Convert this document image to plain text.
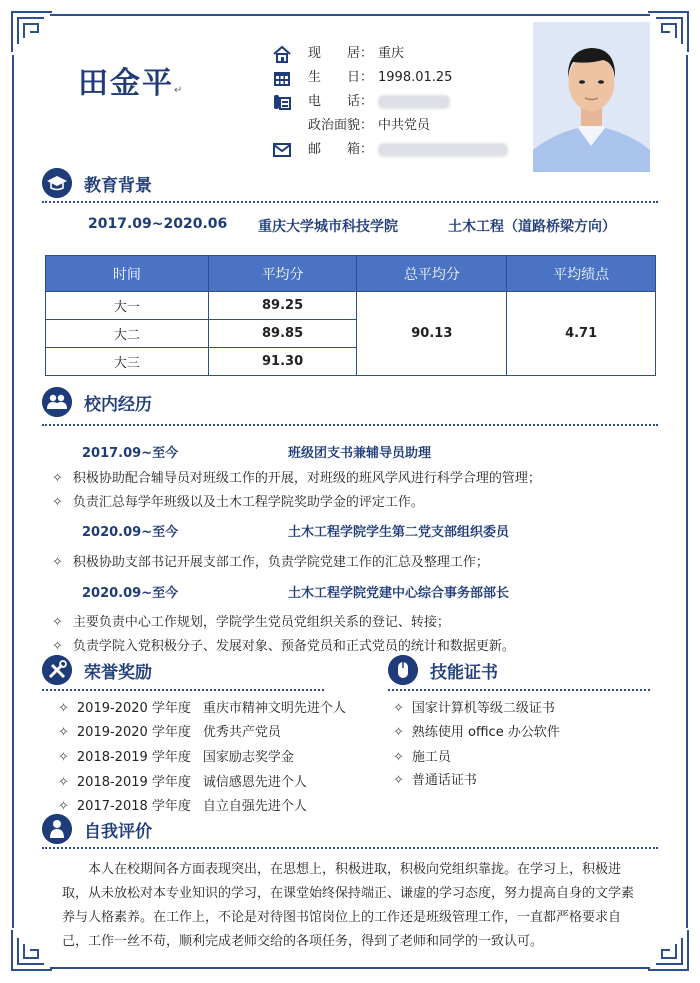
田金平↵
现　　居： 重庆
生　　日： 1998.01.25
电　　话：
政治面貌： 中共党员
邮　　箱：
教育背景
2017.09~2020.06 重庆大学城市科技学院	土木工程（道路桥梁方向）
时间	平均分	总平均分	平均绩点
大一	89.25	90.13	4.71
大二	89.85		
大三	91.30		
校内经历
2017.09~至今	班级团支书兼辅导员助理
✧ 积极协助配合辅导员对班级工作的开展，对班级的班风学风进行科学合理的管理；
✧ 负责汇总每学年班级以及土木工程学院奖助学金的评定工作。
2020.09~至今	土木工程学院学生第二党支部组织委员
✧ 积极协助支部书记开展支部工作，负责学院党建工作的汇总及整理工作；
2020.09~至今	土木工程学院党建中心综合事务部部长
✧ 主要负责中心工作规划，学院学生党员党组织关系的登记、转接；
✧ 负责学院入党积极分子、发展对象、预备党员和正式党员的统计和数据更新。
荣誉奖励
✧ 2019-2020 学年度 重庆市精神文明先进个人
✧ 2019-2020 学年度 优秀共产党员
✧ 2018-2019 学年度 国家励志奖学金
✧ 2018-2019 学年度 诚信感恩先进个人
✧ 2017-2018 学年度 自立自强先进个人
技能证书
✧ 国家计算机等级二级证书
✧ 熟练使用 office 办公软件
✧ 施工员
✧ 普通话证书
自我评价
本人在校期间各方面表现突出，在思想上，积极进取，积极向党组织靠拢。在学习上，积极进取，从未放松对本专业知识的学习，在课堂始终保持端正、谦虚的学习态度，努力提高自身的文学素养与人格素养。在工作上，不论是对待图书馆岗位上的工作还是班级管理工作，一直都严格要求自己，工作一丝不苟，顺利完成老师交给的各项任务，得到了老师和同学的一致认可。
